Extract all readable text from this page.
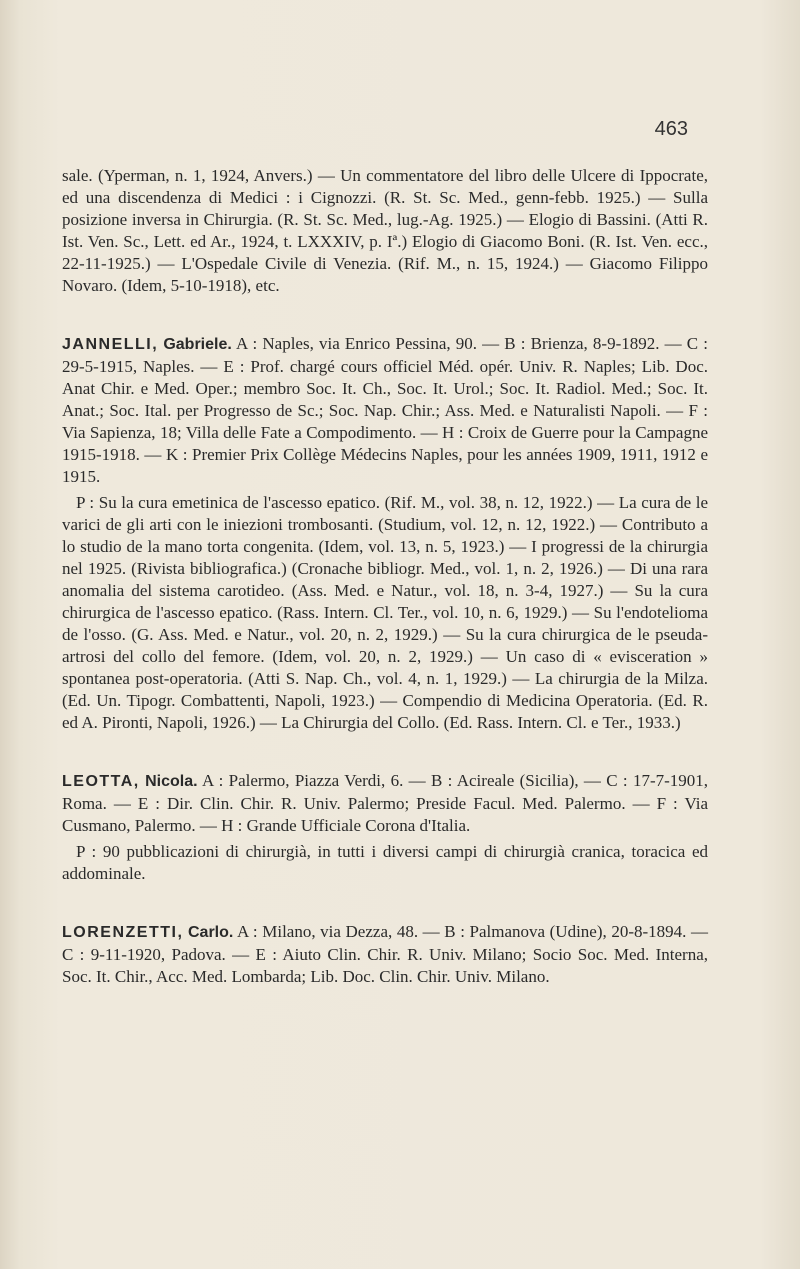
463

sale. (Yperman, n. 1, 1924, Anvers.) — Un commentatore del libro delle Ulcere di Ippocrate, ed una discendenza di Medici : i Cignozzi. (R. St. Sc. Med., genn-febb. 1925.) — Sulla posizione inversa in Chirurgia. (R. St. Sc. Med., lug.-Ag. 1925.) — Elogio di Bassini. (Atti R. Ist. Ven. Sc., Lett. ed Ar., 1924, t. LXXXIV, p. Iª.) Elogio di Giacomo Boni. (R. Ist. Ven. ecc., 22-11-1925.) — L'Ospedale Civile di Venezia. (Rif. M., n. 15, 1924.) — Giacomo Filippo Novaro. (Idem, 5-10-1918), etc.

JANNELLI, Gabriele. A : Naples, via Enrico Pessina, 90. — B : Brienza, 8-9-1892. — C : 29-5-1915, Naples. — E : Prof. chargé cours officiel Méd. opér. Univ. R. Naples; Lib. Doc. Anat Chir. e Med. Oper.; membro Soc. It. Ch., Soc. It. Urol.; Soc. It. Radiol. Med.; Soc. It. Anat.; Soc. Ital. per Progresso de Sc.; Soc. Nap. Chir.; Ass. Med. e Naturalisti Napoli. — F : Via Sapienza, 18; Villa delle Fate a Compodimento. — H : Croix de Guerre pour la Campagne 1915-1918. — K : Premier Prix Collège Médecins Naples, pour les années 1909, 1911, 1912 e 1915.

P : Su la cura emetinica de l'ascesso epatico. (Rif. M., vol. 38, n. 12, 1922.) — La cura de le varici de gli arti con le iniezioni trombosanti. (Studium, vol. 12, n. 12, 1922.) — Contributo a lo studio de la mano torta congenita. (Idem, vol. 13, n. 5, 1923.) — I progressi de la chirurgia nel 1925. (Rivista bibliografica.) (Cronache bibliogr. Med., vol. 1, n. 2, 1926.) — Di una rara anomalia del sistema carotideo. (Ass. Med. e Natur., vol. 18, n. 3-4, 1927.) — Su la cura chirurgica de l'ascesso epatico. (Rass. Intern. Cl. Ter., vol. 10, n. 6, 1929.) — Su l'endotelioma de l'osso. (G. Ass. Med. e Natur., vol. 20, n. 2, 1929.) — Su la cura chirurgica de le pseuda-artrosi del collo del femore. (Idem, vol. 20, n. 2, 1929.) — Un caso di « evisceration » spontanea post-operatoria. (Atti S. Nap. Ch., vol. 4, n. 1, 1929.) — La chirurgia de la Milza. (Ed. Un. Tipogr. Combattenti, Napoli, 1923.) — Compendio di Medicina Operatoria. (Ed. R. ed A. Pironti, Napoli, 1926.) — La Chirurgia del Collo. (Ed. Rass. Intern. Cl. e Ter., 1933.)

LEOTTA, Nicola. A : Palermo, Piazza Verdi, 6. — B : Acireale (Sicilia), — C : 17-7-1901, Roma. — E : Dir. Clin. Chir. R. Univ. Palermo; Preside Facul. Med. Palermo. — F : Via Cusmano, Palermo. — H : Grande Ufficiale Corona d'Italia.

P : 90 pubblicazioni di chirurgià, in tutti i diversi campi di chirurgià cranica, toracica ed addominale.

LORENZETTI, Carlo. A : Milano, via Dezza, 48. — B : Palmanova (Udine), 20-8-1894. — C : 9-11-1920, Padova. — E : Aiuto Clin. Chir. R. Univ. Milano; Socio Soc. Med. Interna, Soc. It. Chir., Acc. Med. Lombarda; Lib. Doc. Clin. Chir. Univ. Milano.
